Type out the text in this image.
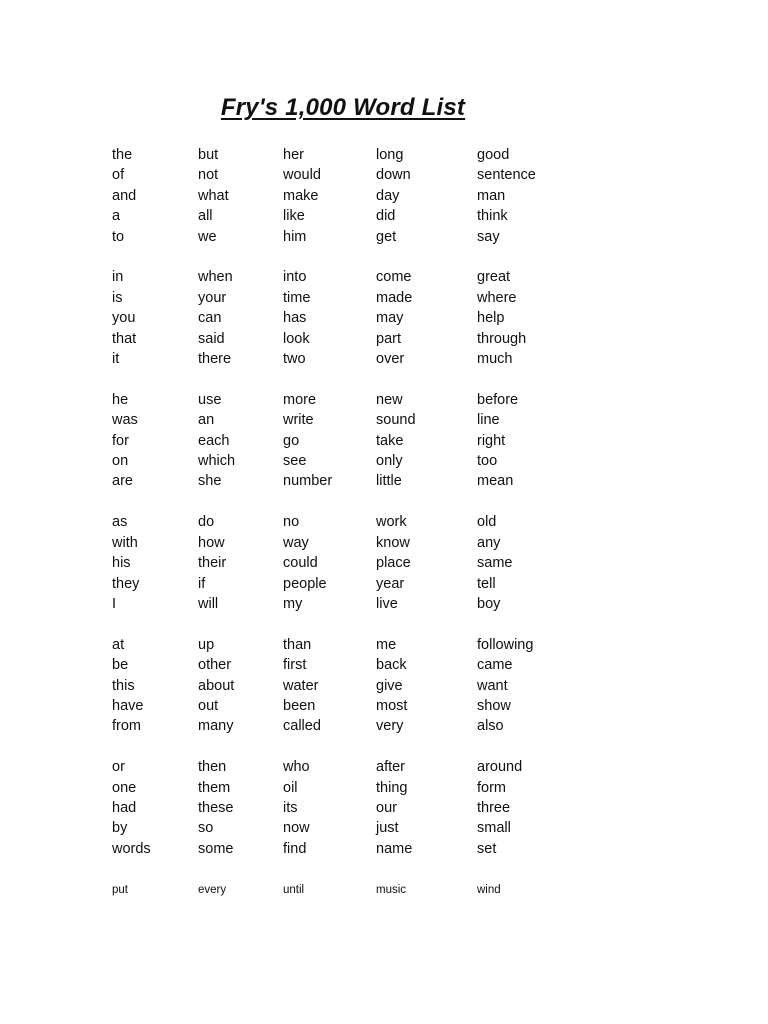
Fry's 1,000 Word List
the	but	her	long	good
of	not	would	down	sentence
and	what	make	day	man
a	all	like	did	think
to	we	him	get	say
in	when	into	come	great
is	your	time	made	where
you	can	has	may	help
that	said	look	part	through
it	there	two	over	much
he	use	more	new	before
was	an	write	sound	line
for	each	go	take	right
on	which	see	only	too
are	she	number	little	mean
as	do	no	work	old
with	how	way	know	any
his	their	could	place	same
they	if	people	year	tell
I	will	my	live	boy
at	up	than	me	following
be	other	first	back	came
this	about	water	give	want
have	out	been	most	show
from	many	called	very	also
or	then	who	after	around
one	them	oil	thing	form
had	these	its	our	three
by	so	now	just	small
words	some	find	name	set
put	every	until	music	wind
